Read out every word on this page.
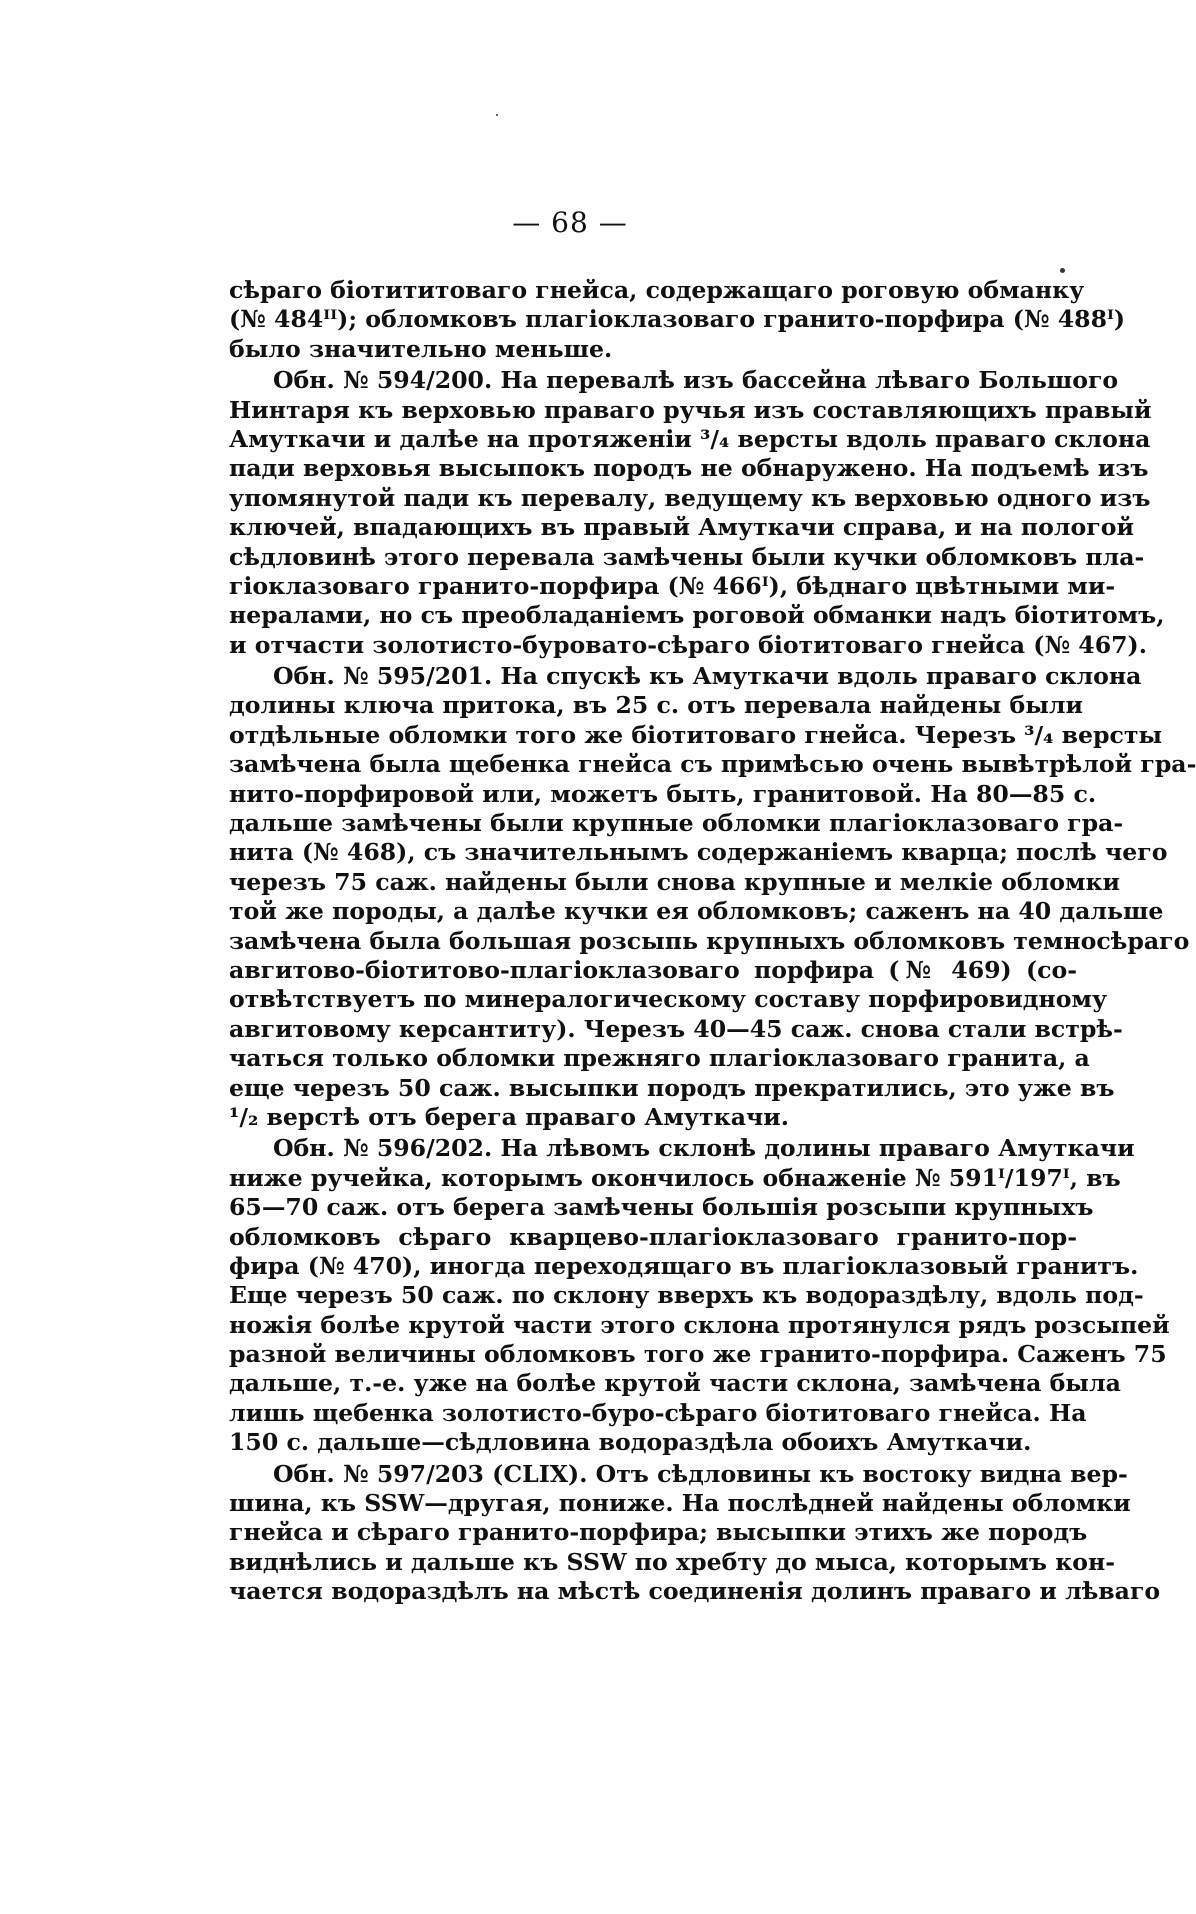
— 68 —
сѣраго біотититоваго гнейса, содержащаго роговую обманку
(№ 484ᴵᴵ); обломковъ плагіоклазоваго гранито-порфира (№ 488ᴵ)
было значительно меньше.
Обн. № 594/200. На перевалѣ изъ бассейна лѣваго Большого
Нинтаря къ верховью праваго ручья изъ составляющихъ правый
Амуткачи и далѣе на протяженіи ³/₄ версты вдоль праваго склона
пади верховья высыпокъ породъ не обнаружено. На подъемѣ изъ
упомянутой пади къ перевалу, ведущему къ верховью одного изъ
ключей, впадающихъ въ правый Амуткачи справа, и на пологой
сѣдловинѣ этого перевала замѣчены были кучки обломковъ пла-
гіоклазоваго гранито-порфира (№ 466ᴵ), бѣднаго цвѣтными ми-
нералами, но съ преобладаніемъ роговой обманки надъ біотитомъ,
и отчасти золотисто-буровато-сѣраго біотитоваго гнейса (№ 467).
Обн. № 595/201. На спускѣ къ Амуткачи вдоль праваго склона
долины ключа притока, въ 25 с. отъ перевала найдены были
отдѣльные обломки того же біотитоваго гнейса. Черезъ ³/₄ версты
замѣчена была щебенка гнейса съ примѣсью очень вывѣтрѣлой гра-
нито-порфировой или, можетъ быть, гранитовой. На 80—85 с.
дальше замѣчены были крупные обломки плагіоклазоваго гра-
нита (№ 468), съ значительнымъ содержаніемъ кварца; послѣ чего
черезъ 75 саж. найдены были снова крупные и мелкіе обломки
той же породы, а далѣе кучки ея обломковъ; саженъ на 40 дальше
замѣчена была большая розсыпь крупныхъ обломковъ темносѣраго
авгитово-біотитово-плагіоклазоваго порфира (№ 469) (со-
отвѣтствуетъ по минералогическому составу порфировидному
авгитовому керсантиту). Черезъ 40—45 саж. снова стали встрѣ-
чаться только обломки прежняго плагіоклазоваго гранита, а
еще черезъ 50 саж. высыпки породъ прекратились, это уже въ
¹/₂ верстѣ отъ берега праваго Амуткачи.
Обн. № 596/202. На лѣвомъ склонѣ долины праваго Амуткачи
ниже ручейка, которымъ окончилось обнаженіе № 591ᴵ/197ᴵ, въ
65—70 саж. отъ берега замѣчены большія розсыпи крупныхъ
обломковъ сѣраго кварцево-плагіоклазоваго гранито-пор-
фира (№ 470), иногда переходящаго въ плагіоклазовый гранитъ.
Еще черезъ 50 саж. по склону вверхъ къ водораздѣлу, вдоль под-
ножія болѣе крутой части этого склона протянулся рядъ розсыпей
разной величины обломковъ того же гранито-порфира. Саженъ 75
дальше, т.-е. уже на болѣе крутой части склона, замѣчена была
лишь щебенка золотисто-буро-сѣраго біотитоваго гнейса. На
150 с. дальше—сѣдловина водораздѣла обоихъ Амуткачи.
Обн. № 597/203 (CLIX). Отъ сѣдловины къ востоку видна вер-
шина, къ SSW—другая, пониже. На послѣдней найдены обломки
гнейса и сѣраго гранито-порфира; высыпки этихъ же породъ
виднѣлись и дальше къ SSW по хребту до мыса, которымъ кон-
чается водораздѣлъ на мѣстѣ соединенія долинъ праваго и лѣваго
